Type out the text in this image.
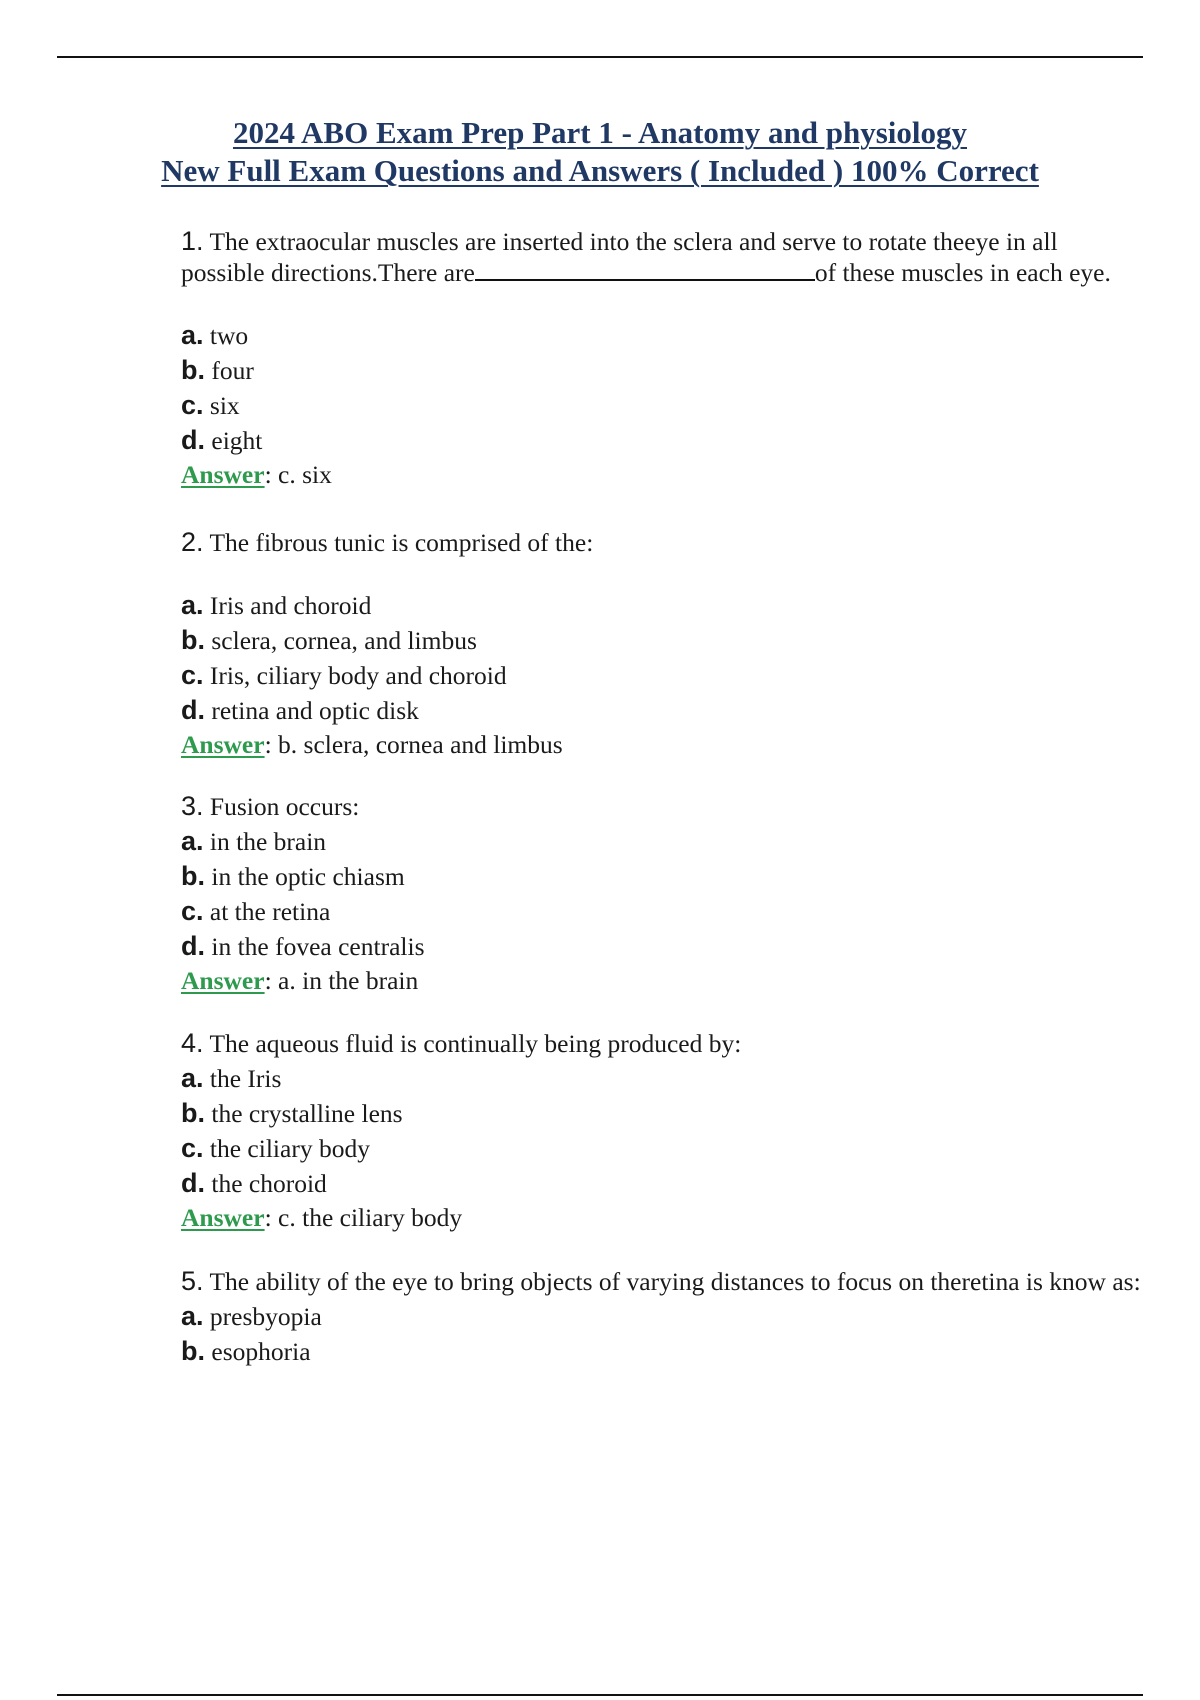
2024 ABO Exam Prep Part 1 - Anatomy and physiology
New Full Exam Questions and Answers ( Included ) 100% Correct

1. The extraocular muscles are inserted into the sclera and serve to rotate theeye in all possible directions.There are	of these muscles in each eye.

a. two
b. four
c. six
d. eight
Answer: c. six

2. The fibrous tunic is comprised of the:

a. Iris and choroid
b. sclera, cornea, and limbus
c. Iris, ciliary body and choroid
d. retina and optic disk
Answer: b. sclera, cornea and limbus

3. Fusion occurs:

a. in the brain
b. in the optic chiasm
c. at the retina
d. in the fovea centralis
Answer: a. in the brain

4. The aqueous fluid is continually being produced by:

a. the Iris
b. the crystalline lens
c. the ciliary body
d. the choroid
Answer: c. the ciliary body

5. The ability of the eye to bring objects of varying distances to focus on theretina is know as:

a. presbyopia
b. esophoria
